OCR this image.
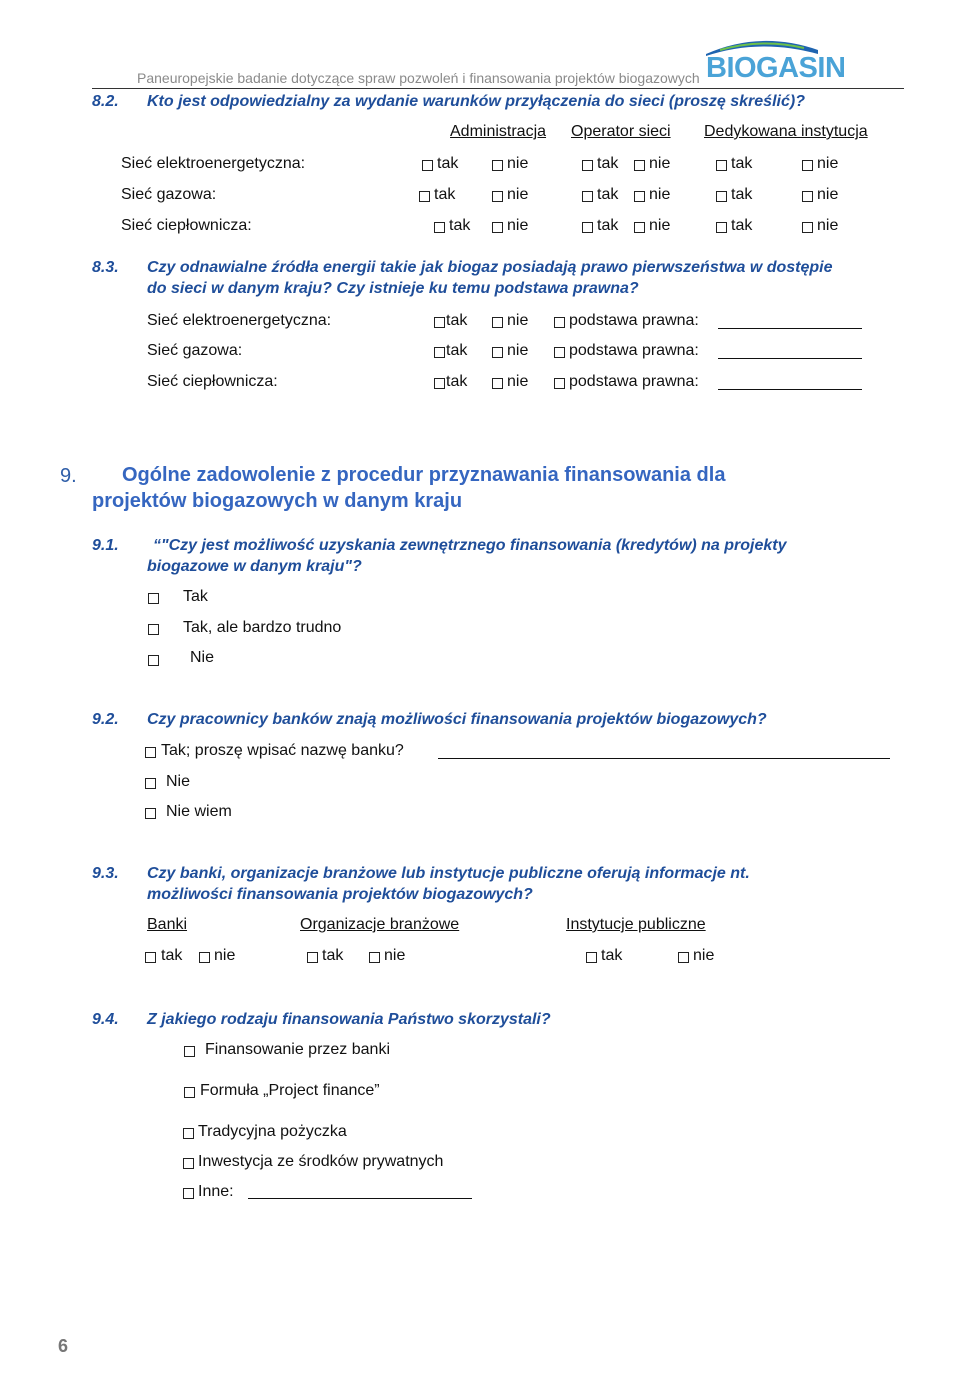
Paneuropejskie badanie dotyczące spraw pozwoleń i finansowania projektów biogazowych BIOGASIN
8.2. Kto jest odpowiedzialny za wydanie warunków przyłączenia do sieci (proszę skreślić)?
Administracja Operator sieci Dedykowana instytucja
Sieć elektroenergetyczna:	tak	nie	tak nie	tak	nie
Sieć gazowa:	tak	nie	tak nie	tak	nie
Sieć ciepłownicza:	tak nie	tak nie	tak	nie
8.3. Czy odnawialne źródła energii takie jak biogaz posiadają prawo pierwszeństwa w dostępie
do sieci w danym kraju? Czy istnieje ku temu podstawa prawna?
Sieć elektroenergetyczna:	tak nie	podstawa prawna:
Sieć gazowa:	tak nie	podstawa prawna:
Sieć ciepłownicza:	tak nie	podstawa prawna:
9. Ogólne zadowolenie z procedur przyznawania finansowania dla
projektów biogazowych w danym kraju
9.1. “ "Czy jest możliwość uzyskania zewnętrznego finansowania (kredytów) na projekty
biogazowe w danym kraju"?
Tak
Tak, ale bardzo trudno
Nie
9.2. Czy pracownicy banków znają możliwości finansowania projektów biogazowych?
Tak; proszę wpisać nazwę banku?
Nie
Nie wiem
9.3. Czy banki, organizacje branżowe lub instytucje publiczne oferują informacje nt.
możliwości finansowania projektów biogazowych?
Banki	Organizacje branżowe	Instytucje publiczne
tak nie	tak	nie	tak	nie
9.4. Z jakiego rodzaju finansowania Państwo skorzystali?
Finansowanie przez banki
Formuła „Project finance”
Tradycyjna pożyczka
Inwestycja ze środków prywatnych
Inne:
6
